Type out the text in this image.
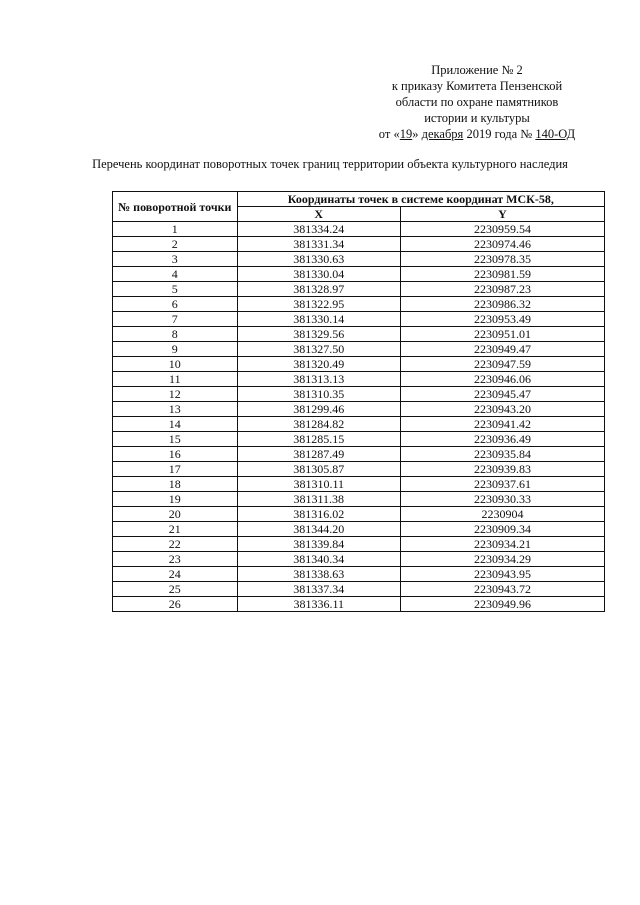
Приложение № 2
к приказу Комитета Пензенской
области по охране памятников
истории и культуры
от «19» декабря 2019 года № 140-ОД
Перечень координат поворотных точек границ территории объекта культурного наследия
№ поворотной точки	Координаты точек в системе координат МСК-58,	
	X	Y
1	381334.24	2230959.54
2	381331.34	2230974.46
3	381330.63	2230978.35
4	381330.04	2230981.59
5	381328.97	2230987.23
6	381322.95	2230986.32
7	381330.14	2230953.49
8	381329.56	2230951.01
9	381327.50	2230949.47
10	381320.49	2230947.59
11	381313.13	2230946.06
12	381310.35	2230945.47
13	381299.46	2230943.20
14	381284.82	2230941.42
15	381285.15	2230936.49
16	381287.49	2230935.84
17	381305.87	2230939.83
18	381310.11	2230937.61
19	381311.38	2230930.33
20	381316.02	2230904
21	381344.20	2230909.34
22	381339.84	2230934.21
23	381340.34	2230934.29
24	381338.63	2230943.95
25	381337.34	2230943.72
26	381336.11	2230949.96
